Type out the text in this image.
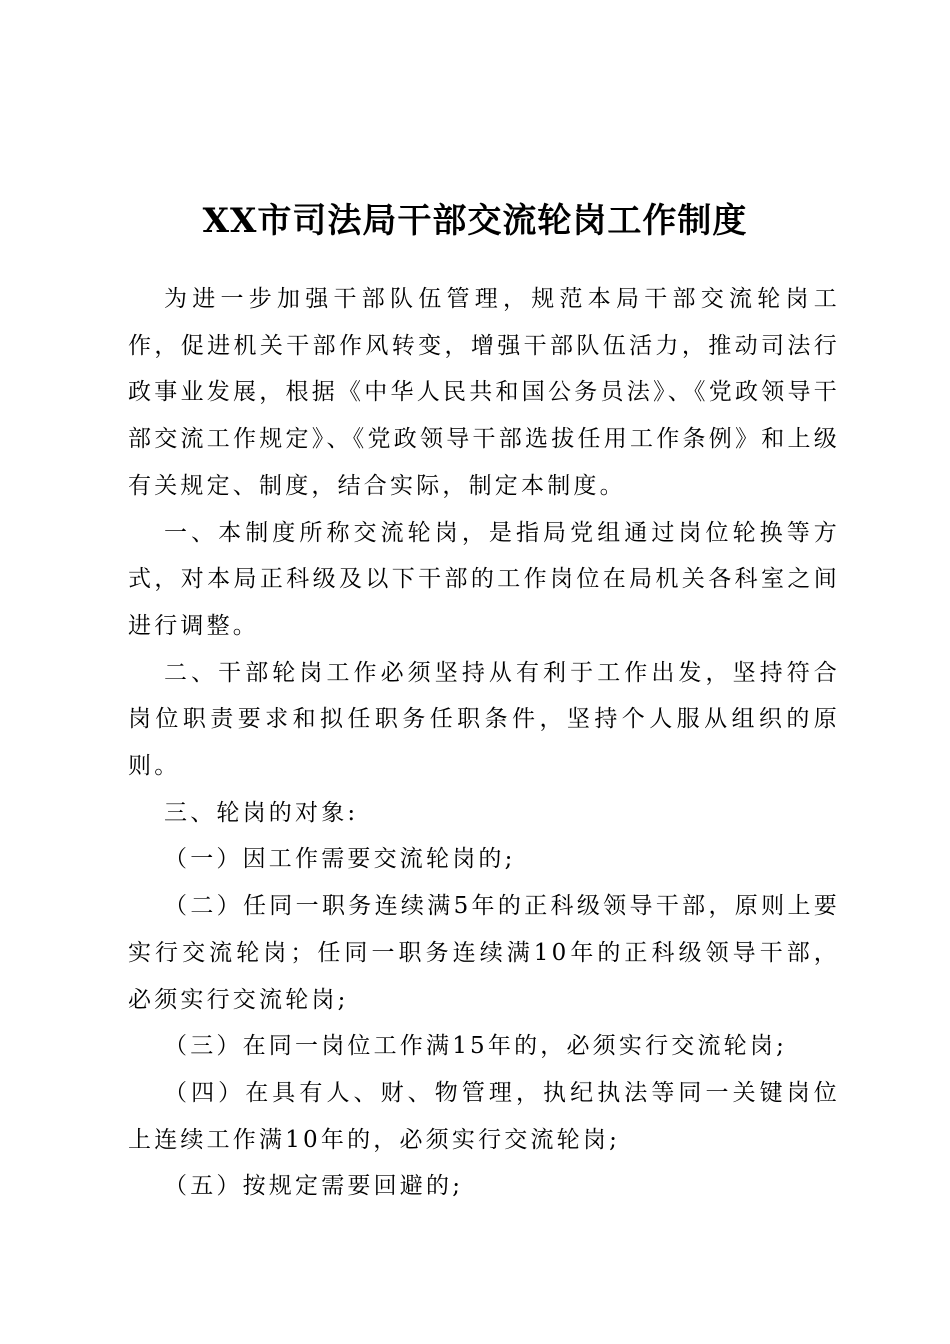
XX市司法局干部交流轮岗工作制度

为进一步加强干部队伍管理，规范本局干部交流轮岗工作，促进机关干部作风转变，增强干部队伍活力，推动司法行政事业发展，根据《中华人民共和国公务员法》、《党政领导干部交流工作规定》、《党政领导干部选拔任用工作条例》和上级有关规定、制度，结合实际，制定本制度。

一、本制度所称交流轮岗，是指局党组通过岗位轮换等方式，对本局正科级及以下干部的工作岗位在局机关各科室之间进行调整。

二、干部轮岗工作必须坚持从有利于工作出发，坚持符合岗位职责要求和拟任职务任职条件，坚持个人服从组织的原则。

三、轮岗的对象:

（一）因工作需要交流轮岗的;

（二）任同一职务连续满5年的正科级领导干部，原则上要实行交流轮岗；任同一职务连续满10年的正科级领导干部，必须实行交流轮岗;

（三）在同一岗位工作满15年的，必须实行交流轮岗;

（四）在具有人、财、物管理，执纪执法等同一关键岗位上连续工作满10年的，必须实行交流轮岗;

（五）按规定需要回避的;
